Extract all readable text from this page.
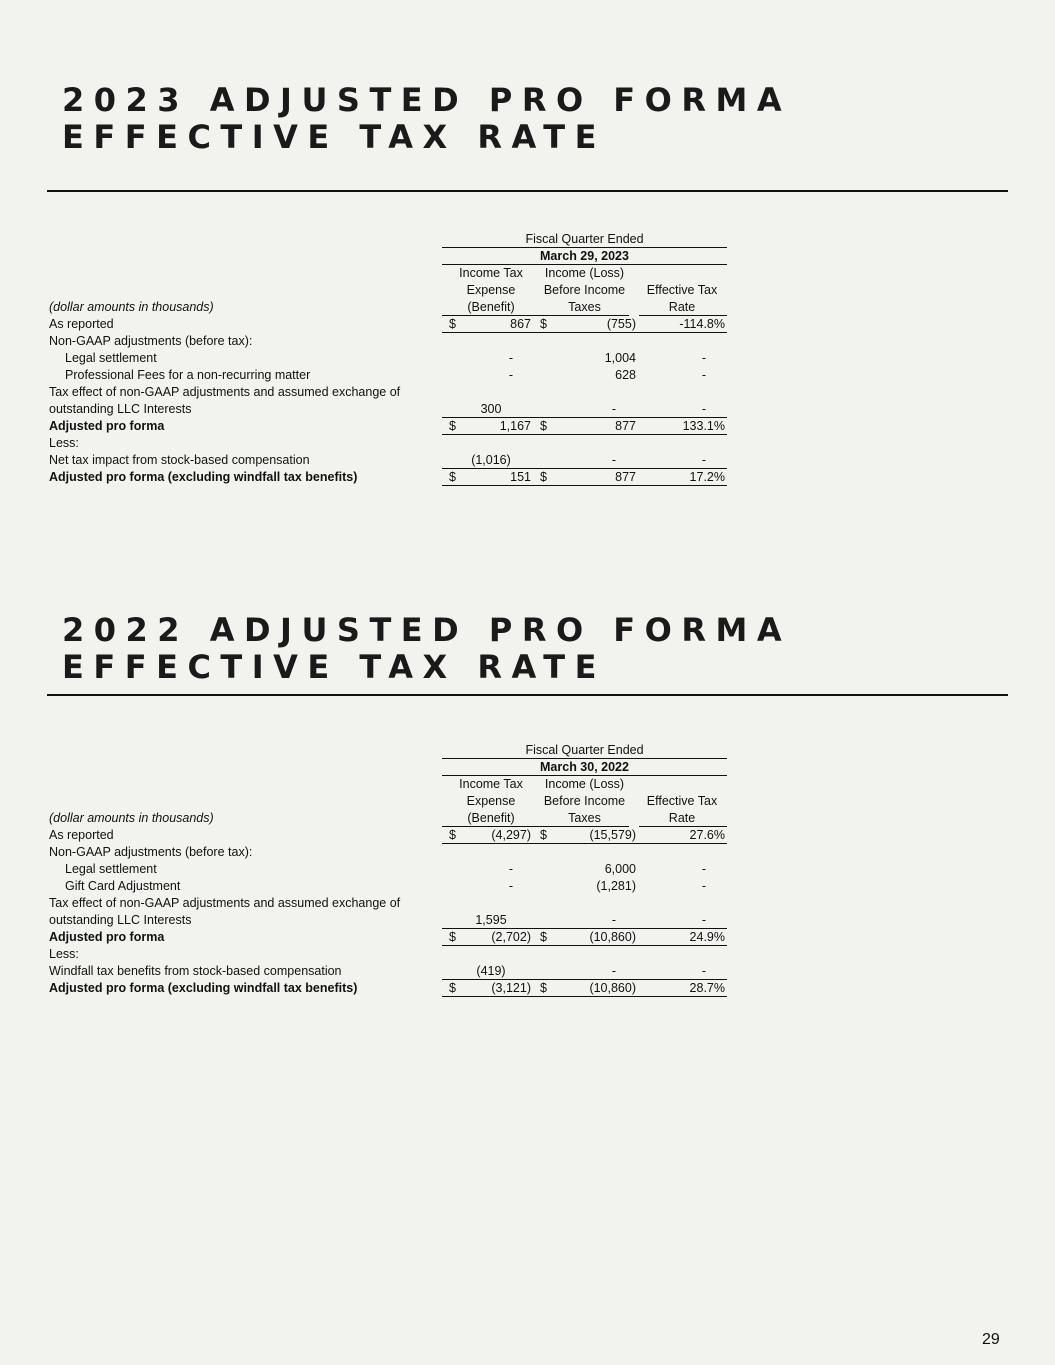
2023 ADJUSTED PRO FORMA EFFECTIVE TAX RATE
Fiscal Quarter Ended
March 29, 2023
Income Tax	Income (Loss)
Expense	Before Income	Effective Tax
(dollar amounts in thousands)	(Benefit)	Taxes	Rate
As reported	$	867 $	(755)	-114.8%
Non-GAAP adjustments (before tax):
Legal settlement	-	1,004	-
Professional Fees for a non-recurring matter	-	628	-
Tax effect of non-GAAP adjustments and assumed exchange of
outstanding LLC Interests	300	-	-
Adjusted pro forma	$	1,167 $	877	133.1%
Less:
Net tax impact from stock-based compensation	(1,016)	-	-
Adjusted pro forma (excluding windfall tax benefits)	$	151 $	877	17.2%
2022 ADJUSTED PRO FORMA EFFECTIVE TAX RATE
Fiscal Quarter Ended
March 30, 2022
Income Tax	Income (Loss)
Expense	Before Income	Effective Tax
(dollar amounts in thousands)	(Benefit)	Taxes	Rate
As reported	$	(4,297) $	(15,579)	27.6%
Non-GAAP adjustments (before tax):
Legal settlement	-	6,000	-
Gift Card Adjustment	-	(1,281)	-
Tax effect of non-GAAP adjustments and assumed exchange of
outstanding LLC Interests	1,595	-	-
Adjusted pro forma	$	(2,702) $	(10,860)	24.9%
Less:
Windfall tax benefits from stock-based compensation	(419)	-	-
Adjusted pro forma (excluding windfall tax benefits)	$	(3,121) $	(10,860)	28.7%
29
